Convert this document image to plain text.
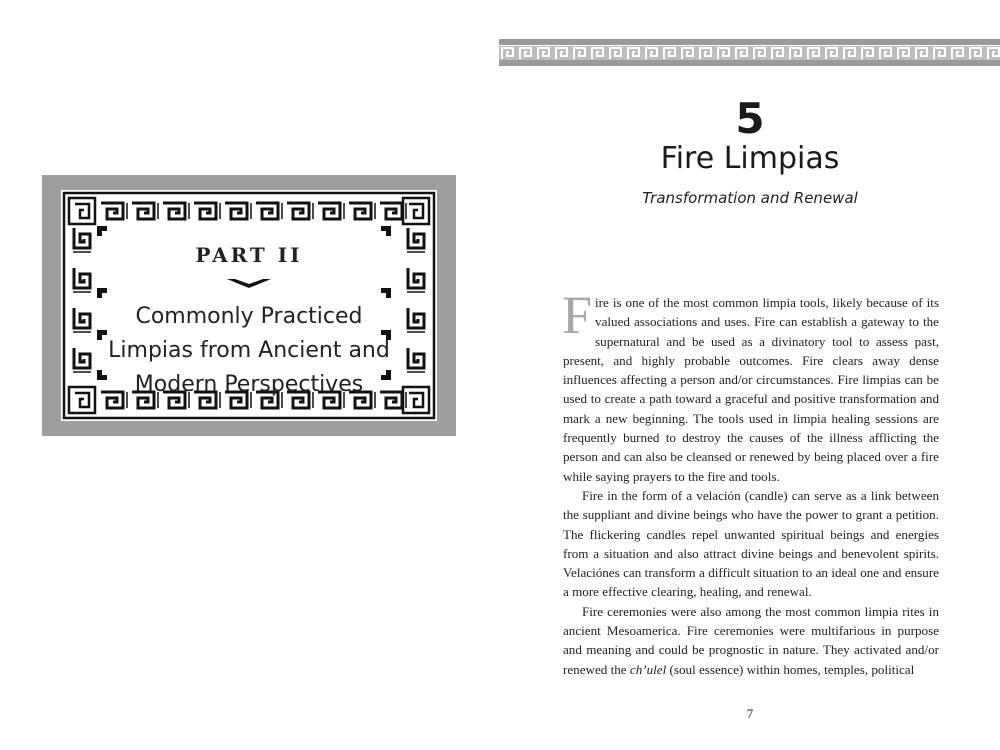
PART II
Commonly Practiced Limpias from Ancient and Modern Perspectives
5
Fire Limpias
Transformation and Renewal

Fire is one of the most common limpia tools, likely because of its valued associations and uses. Fire can establish a gateway to the supernatural and be used as a divinatory tool to assess past, present, and highly probable outcomes. Fire clears away dense influences affecting a person and/or circumstances. Fire limpias can be used to create a path toward a graceful and positive transformation and mark a new beginning. The tools used in limpia healing sessions are frequently burned to destroy the causes of the illness afflicting the person and can also be cleansed or renewed by being placed over a fire while saying prayers to the fire and tools.

Fire in the form of a velación (candle) can serve as a link between the suppliant and divine beings who have the power to grant a petition. The flickering candles repel unwanted spiritual beings and energies from a situation and also attract divine beings and benevolent spirits. Velaciónes can transform a difficult situation to an ideal one and ensure a more effective clearing, healing, and renewal.

Fire ceremonies were also among the most common limpia rites in ancient Mesoamerica. Fire ceremonies were multifarious in purpose and meaning and could be prognostic in nature. They activated and/or renewed the ch’ulel (soul essence) within homes, temples, political

7
